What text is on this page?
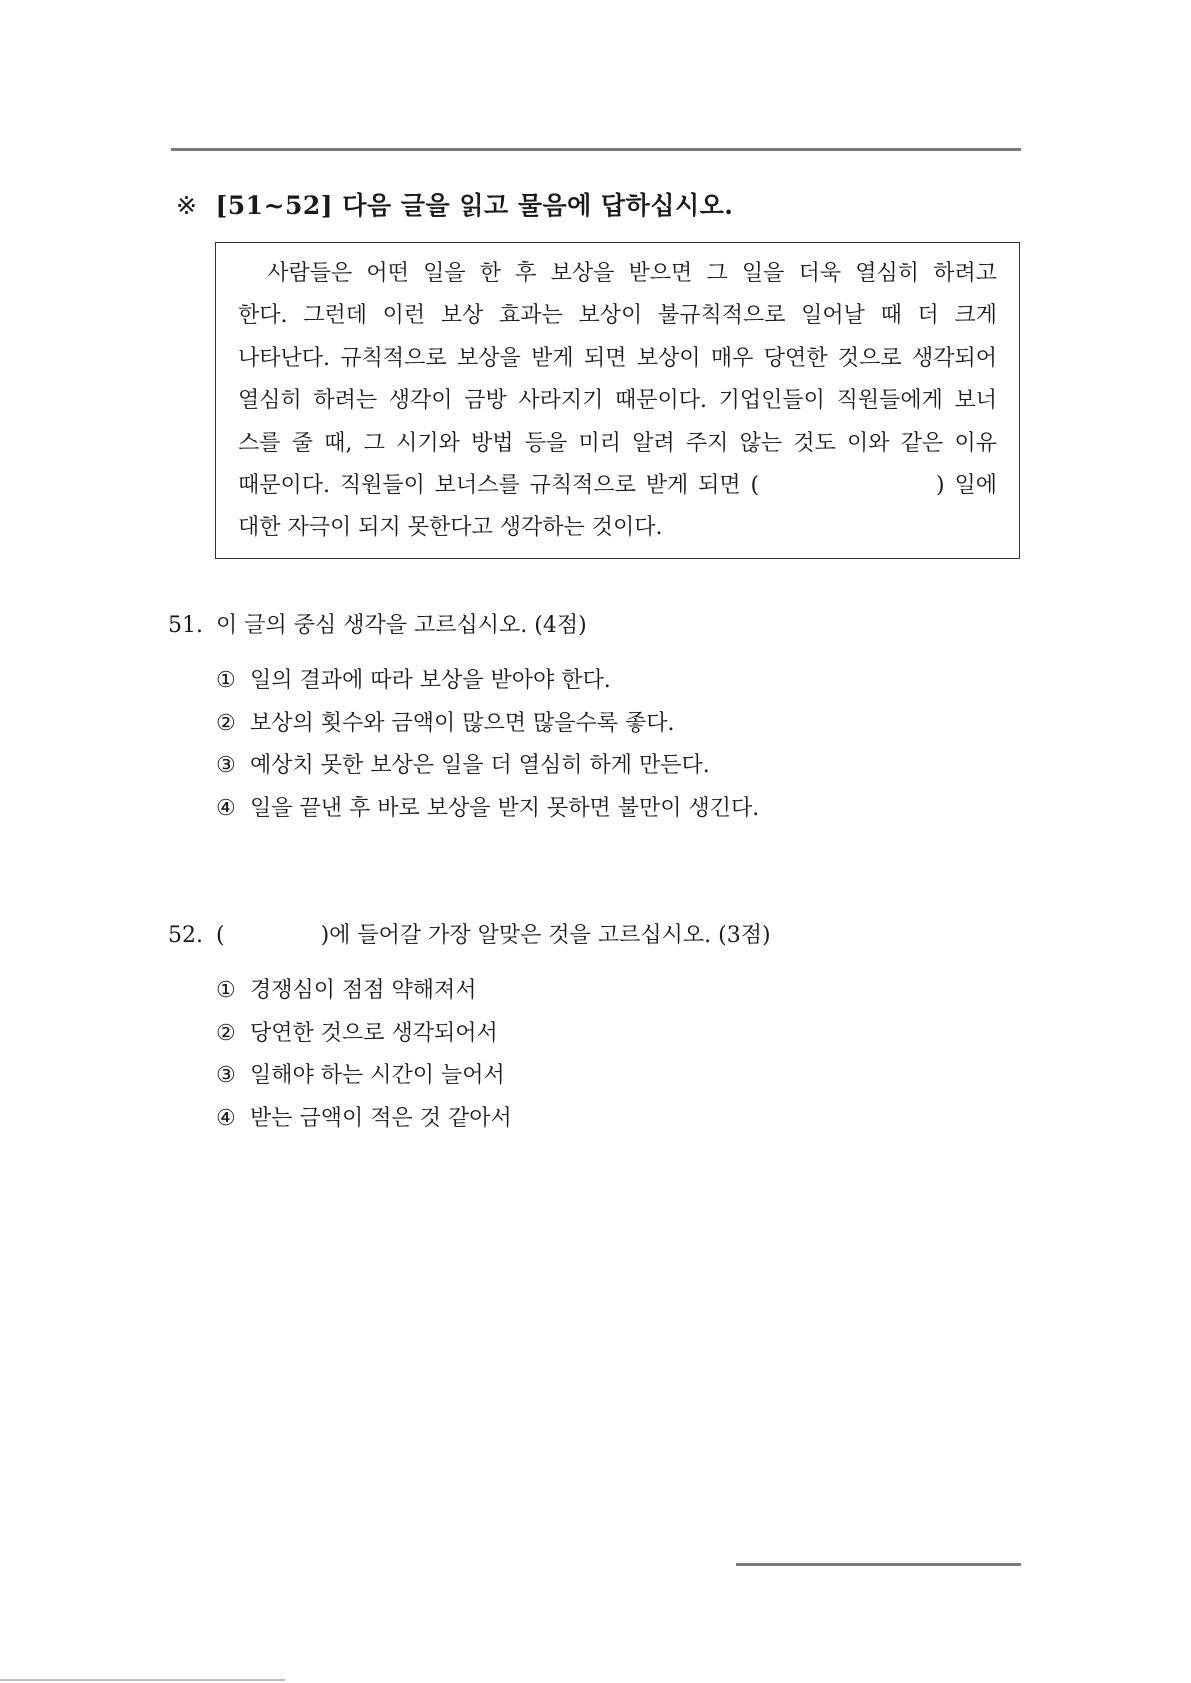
※ [51~52] 다음 글을 읽고 물음에 답하십시오.
　사람들은 어떤 일을 한 후 보상을 받으면 그 일을 더욱 열심히 하려고
한다. 그런데 이런 보상 효과는 보상이 불규칙적으로 일어날 때 더 크게
나타난다. 규칙적으로 보상을 받게 되면 보상이 매우 당연한 것으로 생각되어
열심히 하려는 생각이 금방 사라지기 때문이다. 기업인들이 직원들에게 보너
스를 줄 때, 그 시기와 방법 등을 미리 알려 주지 않는 것도 이와 같은 이유
때문이다. 직원들이 보너스를 규칙적으로 받게 되면 (　　　　　　　) 일에
대한 자극이 되지 못한다고 생각하는 것이다.
51. 이 글의 중심 생각을 고르십시오. (4점)
① 일의 결과에 따라 보상을 받아야 한다.
② 보상의 횟수와 금액이 많으면 많을수록 좋다.
③ 예상치 못한 보상은 일을 더 열심히 하게 만든다.
④ 일을 끝낸 후 바로 보상을 받지 못하면 불만이 생긴다.
52. (	)에 들어갈 가장 알맞은 것을 고르십시오. (3점)
① 경쟁심이 점점 약해져서
② 당연한 것으로 생각되어서
③ 일해야 하는 시간이 늘어서
④ 받는 금액이 적은 것 같아서
